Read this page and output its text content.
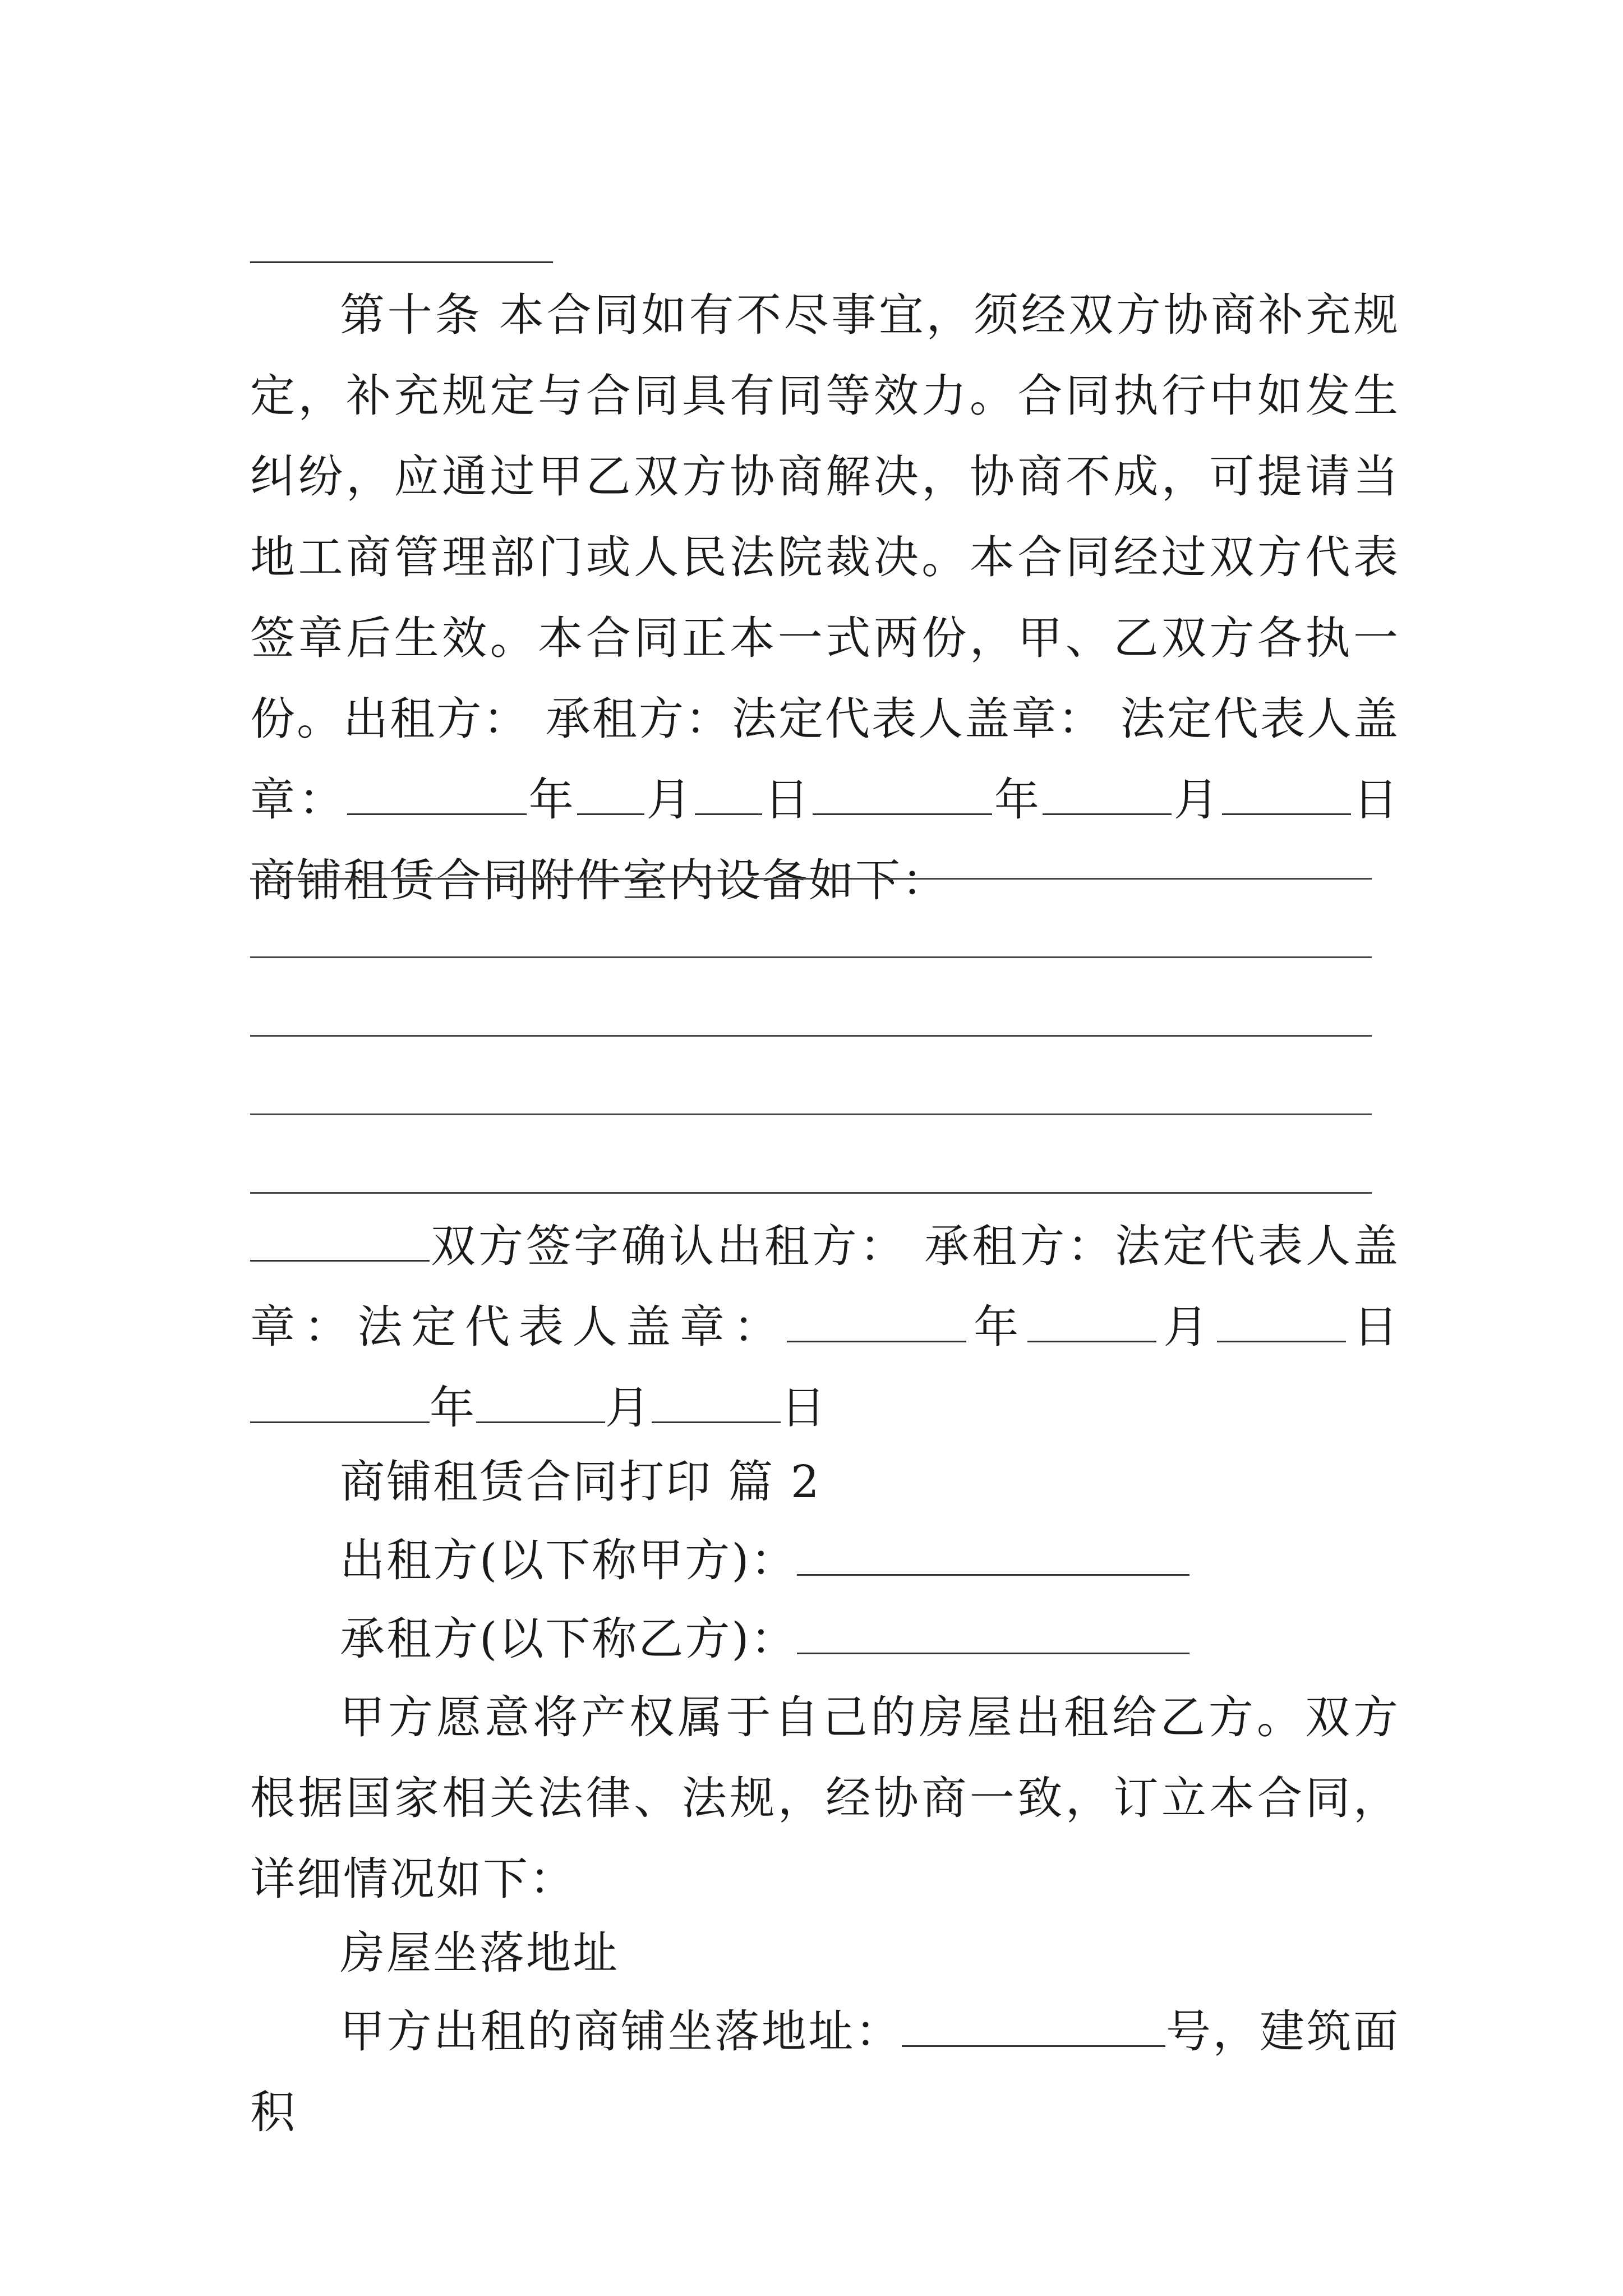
第十条 本合同如有不尽事宜，须经双方协商补充规定，补充规定与合同具有同等效力。合同执行中如发生纠纷，应通过甲乙双方协商解决，协商不成，可提请当地工商管理部门或人民法院裁决。本合同经过双方代表签章后生效。本合同正本一式两份，甲、乙双方各执一份。出租方： 承租方：法定代表人盖章： 法定代表人盖章：	年 月 日	年	月	日商铺租赁合同附件室内设备如下：

双方签字确认出租方： 承租方：法定代表人盖章：法定代表人盖章：	年	月	日年	月	日

商铺租赁合同打印 篇 2

出租方(以下称甲方)：

承租方(以下称乙方)：

甲方愿意将产权属于自己的房屋出租给乙方。双方根据国家相关法律、法规，经协商一致，订立本合同，详细情况如下：

房屋坐落地址

甲方出租的商铺坐落地址：	号，建筑面积
